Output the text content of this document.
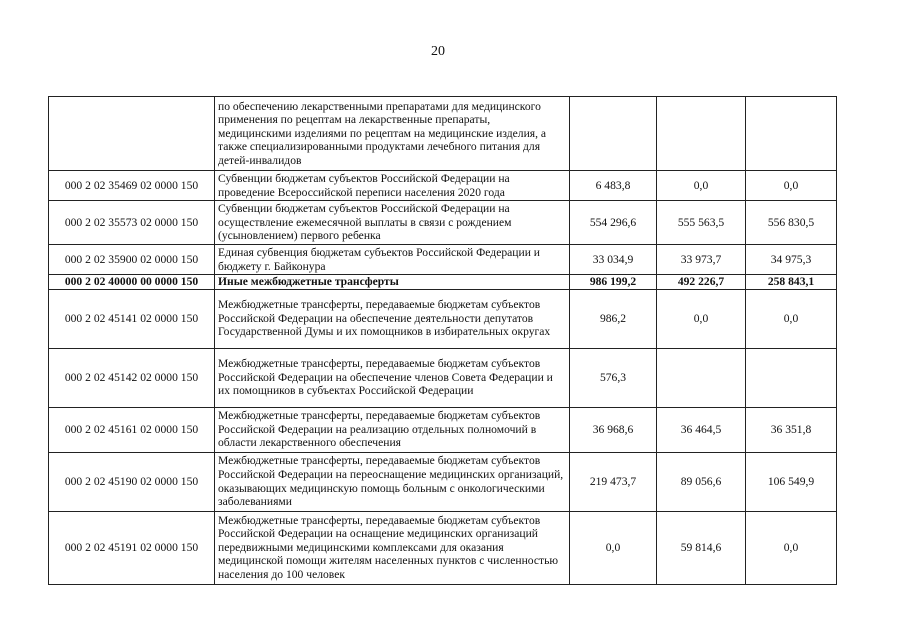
20
	по обеспечению лекарственными препаратами для медицинского применения по рецептам на лекарственные препараты, медицинскими изделиями по рецептам на медицинские изделия, а также специализированными продуктами лечебного питания для детей-инвалидов			
000 2 02 35469 02 0000 150	Субвенции бюджетам субъектов Российской Федерации на проведение Всероссийской переписи населения 2020 года	6 483,8	0,0	0,0
000 2 02 35573 02 0000 150	Субвенции бюджетам субъектов Российской Федерации на осуществление ежемесячной выплаты в связи с рождением (усыновлением) первого ребенка	554 296,6	555 563,5	556 830,5
000 2 02 35900 02 0000 150	Единая субвенция бюджетам субъектов Российской Федерации и бюджету г. Байконура	33 034,9	33 973,7	34 975,3
000 2 02 40000 00 0000 150	Иные межбюджетные трансферты	986 199,2	492 226,7	258 843,1
000 2 02 45141 02 0000 150	Межбюджетные трансферты, передаваемые бюджетам субъектов Российской Федерации на обеспечение деятельности депутатов Государственной Думы и их помощников в избирательных округах	986,2	0,0	0,0
000 2 02 45142 02 0000 150	Межбюджетные трансферты, передаваемые бюджетам субъектов Российской Федерации на обеспечение членов Совета Федерации и их помощников в субъектах Российской Федерации	576,3		
000 2 02 45161 02 0000 150	Межбюджетные трансферты, передаваемые бюджетам субъектов Российской Федерации на реализацию отдельных полномочий в области лекарственного обеспечения	36 968,6	36 464,5	36 351,8
000 2 02 45190 02 0000 150	Межбюджетные трансферты, передаваемые бюджетам субъектов Российской Федерации на переоснащение медицинских организаций, оказывающих медицинскую помощь больным с онкологическими заболеваниями	219 473,7	89 056,6	106 549,9
000 2 02 45191 02 0000 150	Межбюджетные трансферты, передаваемые бюджетам субъектов Российской Федерации на оснащение медицинских организаций передвижными медицинскими комплексами для оказания медицинской помощи жителям населенных пунктов с численностью населения до 100 человек	0,0	59 814,6	0,0
